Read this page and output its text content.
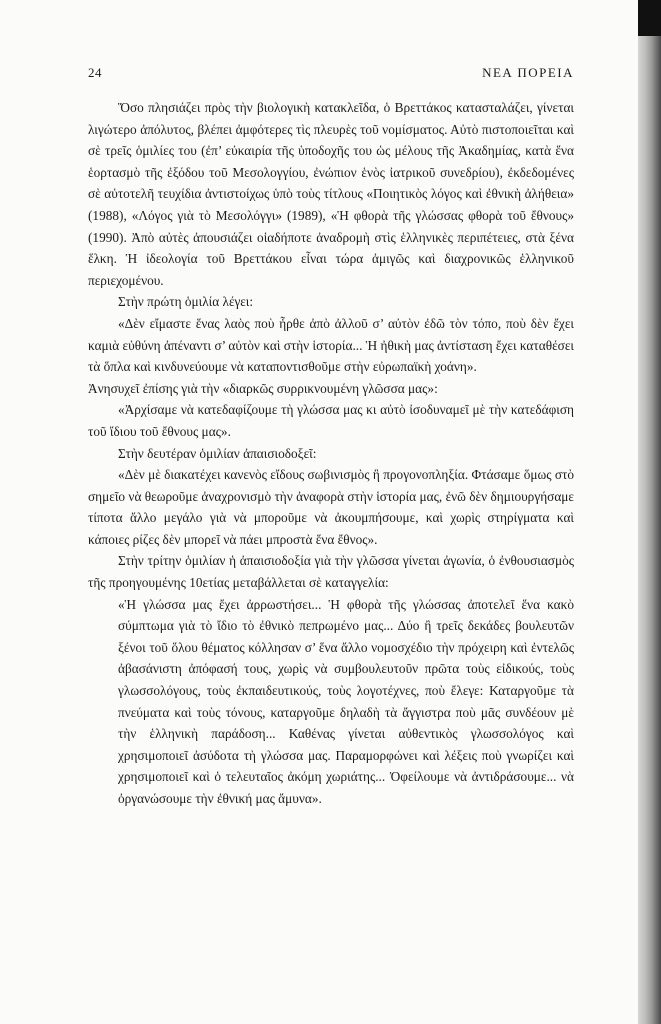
24	ΝΕΑ ΠΟΡΕΙΑ

Ὅσο πλησιάζει πρὸς τὴν βιολογικὴ κατακλεῖδα, ὁ Βρεττάκος κατασταλάζει, γίνεται λιγώτερο ἀπόλυτος, βλέπει ἀμφότερες τὶς πλευρὲς τοῦ νομίσματος. Αὐτὸ πιστοποιεῖται καὶ σὲ τρεῖς ὁμιλίες του (ἐπ’ εὐκαιρία τῆς ὑποδοχῆς του ὡς μέλους τῆς Ἀκαδημίας, κατὰ ἕνα ἑορτασμὸ τῆς ἐξόδου τοῦ Μεσολογγίου, ἐνώπιον ἑνὸς ἰατρικοῦ συνεδρίου), ἐκδεδομένες σὲ αὐτοτελῆ τευχίδια ἀντιστοίχως ὑπὸ τοὺς τίτλους «Ποιητικὸς λόγος καὶ ἐθνικὴ ἀλήθεια» (1988), «Λόγος γιὰ τὸ Μεσολόγγι» (1989), «Ἡ φθορὰ τῆς γλώσσας φθορὰ τοῦ ἔθνους» (1990). Ἀπὸ αὐτὲς ἀπουσιάζει οἱαδήποτε ἀναδρομὴ στὶς ἑλληνικὲς περιπέτειες, στὰ ξένα ἕλκη. Ἡ ἰδεολογία τοῦ Βρεττάκου εἶναι τώρα ἀμιγῶς καὶ διαχρονικῶς ἑλληνικοῦ περιεχομένου.

Στὴν πρώτη ὁμιλία λέγει:

«Δὲν εἴμαστε ἕνας λαὸς ποὺ ἦρθε ἀπὸ ἀλλοῦ σ’ αὐτὸν ἐδῶ τὸν τόπο, ποὺ δὲν ἔχει καμιὰ εὐθύνη ἀπέναντι σ’ αὐτὸν καὶ στὴν ἱστορία... Ἡ ἠθικὴ μας ἀντίσταση ἔχει καταθέσει τὰ ὅπλα καὶ κινδυνεύουμε νὰ καταποντισθοῦμε στὴν εὐρωπαϊκὴ χοάνη».

Ἀνησυχεῖ ἐπίσης γιὰ τὴν «διαρκῶς συρρικνουμένη γλῶσσα μας»:

«Ἀρχίσαμε νὰ κατεδαφίζουμε τὴ γλώσσα μας κι αὐτὸ ἰσοδυναμεῖ μὲ τὴν κατεδάφιση τοῦ ἴδιου τοῦ ἔθνους μας».

Στὴν δευτέραν ὁμιλίαν ἀπαισιοδοξεῖ:

«Δὲν μὲ διακατέχει κανενὸς εἴδους σωβινισμὸς ἢ προγονοπληξία. Φτάσαμε ὅμως στὸ σημεῖο νὰ θεωροῦμε ἀναχρονισμὸ τὴν ἀναφορὰ στὴν ἱστορία μας, ἐνῶ δὲν δημιουργήσαμε τίποτα ἄλλο μεγάλο γιὰ νὰ μποροῦμε νὰ ἀκουμπήσουμε, καὶ χωρὶς στηρίγματα καὶ κάποιες ρίζες δὲν μπορεῖ νὰ πάει μπροστὰ ἕνα ἔθνος».

Στὴν τρίτην ὁμιλίαν ἡ ἀπαισιοδοξία γιὰ τὴν γλῶσσα γίνεται ἀγωνία, ὁ ἐνθουσιασμὸς τῆς προηγουμένης 10ετίας μεταβάλλεται σὲ καταγγελία:

«Ἡ γλώσσα μας ἔχει ἀρρωστήσει... Ἡ φθορὰ τῆς γλώσσας ἀποτελεῖ ἕνα κακὸ σύμπτωμα γιὰ τὸ ἴδιο τὸ ἐθνικὸ πεπρωμένο μας... Δύο ἢ τρεῖς δεκάδες βουλευτῶν ξένοι τοῦ ὅλου θέματος κόλλησαν σ’ ἕνα ἄλλο νομοσχέδιο τὴν πρόχειρη καὶ ἐντελῶς ἀβασάνιστη ἀπόφασή τους, χωρὶς νὰ συμβουλευτοῦν πρῶτα τοὺς εἰδικούς, τοὺς γλωσσολόγους, τοὺς ἐκπαιδευτικούς, τοὺς λογοτέχνες, ποὺ ἔλεγε: Καταργοῦμε τὰ πνεύματα καὶ τοὺς τόνους, καταργοῦμε δηλαδὴ τὰ ἄγγιστρα ποὺ μᾶς συνδέουν μὲ τὴν ἑλληνικὴ παράδοση... Καθένας γίνεται αὐθεντικὸς γλωσσολόγος καὶ χρησιμοποιεῖ ἀσύδοτα τὴ γλώσσα μας. Παραμορφώνει καὶ λέξεις ποὺ γνωρίζει καὶ χρησιμοποιεῖ καὶ ὁ τελευταῖος ἀκόμη χωριάτης... Ὀφείλουμε νὰ ἀντιδράσουμε... νὰ ὀργανώσουμε τὴν ἐθνική μας ἄμυνα».
